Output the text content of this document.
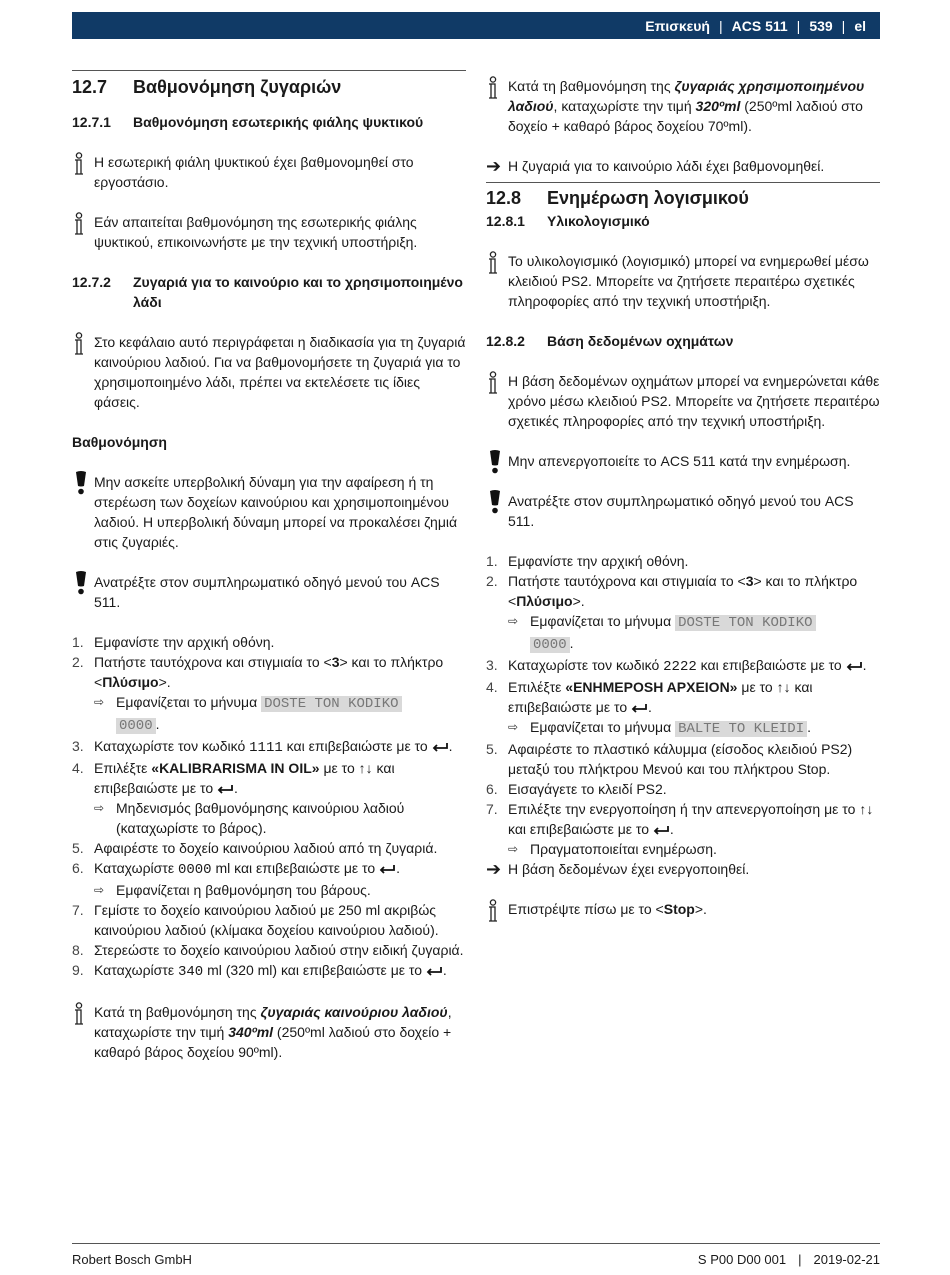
Επισκευή | ACS 511 | 539 | el
12.7	Βαθμονόμηση ζυγαριών
12.7.1	Βαθμονόμηση εσωτερικής φιάλης ψυκτικού
Η εσωτερική φιάλη ψυκτικού έχει βαθμονομηθεί στο εργοστάσιο.
Εάν απαιτείται βαθμονόμηση της εσωτερικής φιάλης ψυκτικού, επικοινωνήστε με την τεχνική υποστήριξη.
12.7.2	Ζυγαριά για το καινούριο και το χρησιμοποιημένο λάδι
Στο κεφάλαιο αυτό περιγράφεται η διαδικασία για τη ζυγαριά καινούριου λαδιού. Για να βαθμονομήσετε τη ζυγαριά για το χρησιμοποιημένο λάδι, πρέπει να εκτελέσετε τις ίδιες φάσεις.
Βαθμονόμηση
Μην ασκείτε υπερβολική δύναμη για την αφαίρεση ή τη στερέωση των δοχείων καινούριου και χρησιμοποιημένου λαδιού. Η υπερβολική δύναμη μπορεί να προκαλέσει ζημιά στις ζυγαριές.
Ανατρέξτε στον συμπληρωματικό οδηγό μενού του ACS 511.
1. Εμφανίστε την αρχική οθόνη.
2. Πατήστε ταυτόχρονα και στιγμιαία το <3> και το πλήκτρο <Πλύσιμο>.
⇨ Εμφανίζεται το μήνυμα DOSTE TON KODIKO
0000 .
3. Καταχωρίστε τον κωδικό 1111 και επιβεβαιώστε με το .
4. Επιλέξτε «KALIBRARISMA IN OIL» με το ↑↓ και επιβεβαιώστε με το .
⇨ Μηδενισμός βαθμονόμησης καινούριου λαδιού (καταχωρίστε το βάρος).
5. Αφαιρέστε το δοχείο καινούριου λαδιού από τη ζυγαριά.
6. Καταχωρίστε 0000 ml και επιβεβαιώστε με το .
⇨ Εμφανίζεται η βαθμονόμηση του βάρους.
7. Γεμίστε το δοχείο καινούριου λαδιού με 250 ml ακριβώς καινούριου λαδιού (κλίμακα δοχείου καινούριου λαδιού).
8. Στερεώστε το δοχείο καινούριου λαδιού στην ειδική ζυγαριά.
9. Καταχωρίστε 340 ml (320 ml) και επιβεβαιώστε με το .
Κατά τη βαθμονόμηση της ζυγαριάς καινούριου λαδιού, καταχωρίστε την τιμή 340ºml (250ºml λαδιού στο δοχείο + καθαρό βάρος δοχείου 90ºml).
Κατά τη βαθμονόμηση της ζυγαριάς χρησιμοποιημένου λαδιού, καταχωρίστε την τιμή 320ºml (250ºml λαδιού στο δοχείο + καθαρό βάρος δοχείου 70ºml).
➔ Η ζυγαριά για το καινούριο λάδι έχει βαθμονομηθεί.
12.8	Ενημέρωση λογισμικού
12.8.1	Υλικολογισμικό
Το υλικολογισμικό (λογισμικό) μπορεί να ενημερωθεί μέσω κλειδιού PS2. Μπορείτε να ζητήσετε περαιτέρω σχετικές πληροφορίες από την τεχνική υποστήριξη.
12.8.2	Βάση δεδομένων οχημάτων
Η βάση δεδομένων οχημάτων μπορεί να ενημερώνεται κάθε χρόνο μέσω κλειδιού PS2. Μπορείτε να ζητήσετε περαιτέρω σχετικές πληροφορίες από την τεχνική υποστήριξη.
Μην απενεργοποιείτε το ACS 511 κατά την ενημέρωση.
Ανατρέξτε στον συμπληρωματικό οδηγό μενού του ACS 511.
1. Εμφανίστε την αρχική οθόνη.
2. Πατήστε ταυτόχρονα και στιγμιαία το <3> και το πλήκτρο <Πλύσιμο>.
⇨ Εμφανίζεται το μήνυμα DOSTE TON KODIKO
0000 .
3. Καταχωρίστε τον κωδικό 2222 και επιβεβαιώστε με το .
4. Επιλέξτε «ENHMEPOSH APXEION» με το ↑↓ και επιβεβαιώστε με το .
⇨ Εμφανίζεται το μήνυμα BALTE TO KLEIDI .
5. Αφαιρέστε το πλαστικό κάλυμμα (είσοδος κλειδιού PS2) μεταξύ του πλήκτρου Μενού και του πλήκτρου Stop.
6. Εισαγάγετε το κλειδί PS2.
7. Επιλέξτε την ενεργοποίηση ή την απενεργοποίηση με το ↑↓ και επιβεβαιώστε με το .
⇨ Πραγματοποιείται ενημέρωση.
➔ Η βάση δεδομένων έχει ενεργοποιηθεί.
Επιστρέψτε πίσω με το <Stop>.
Robert Bosch GmbH	S P00 D00 001 | 2019-02-21
